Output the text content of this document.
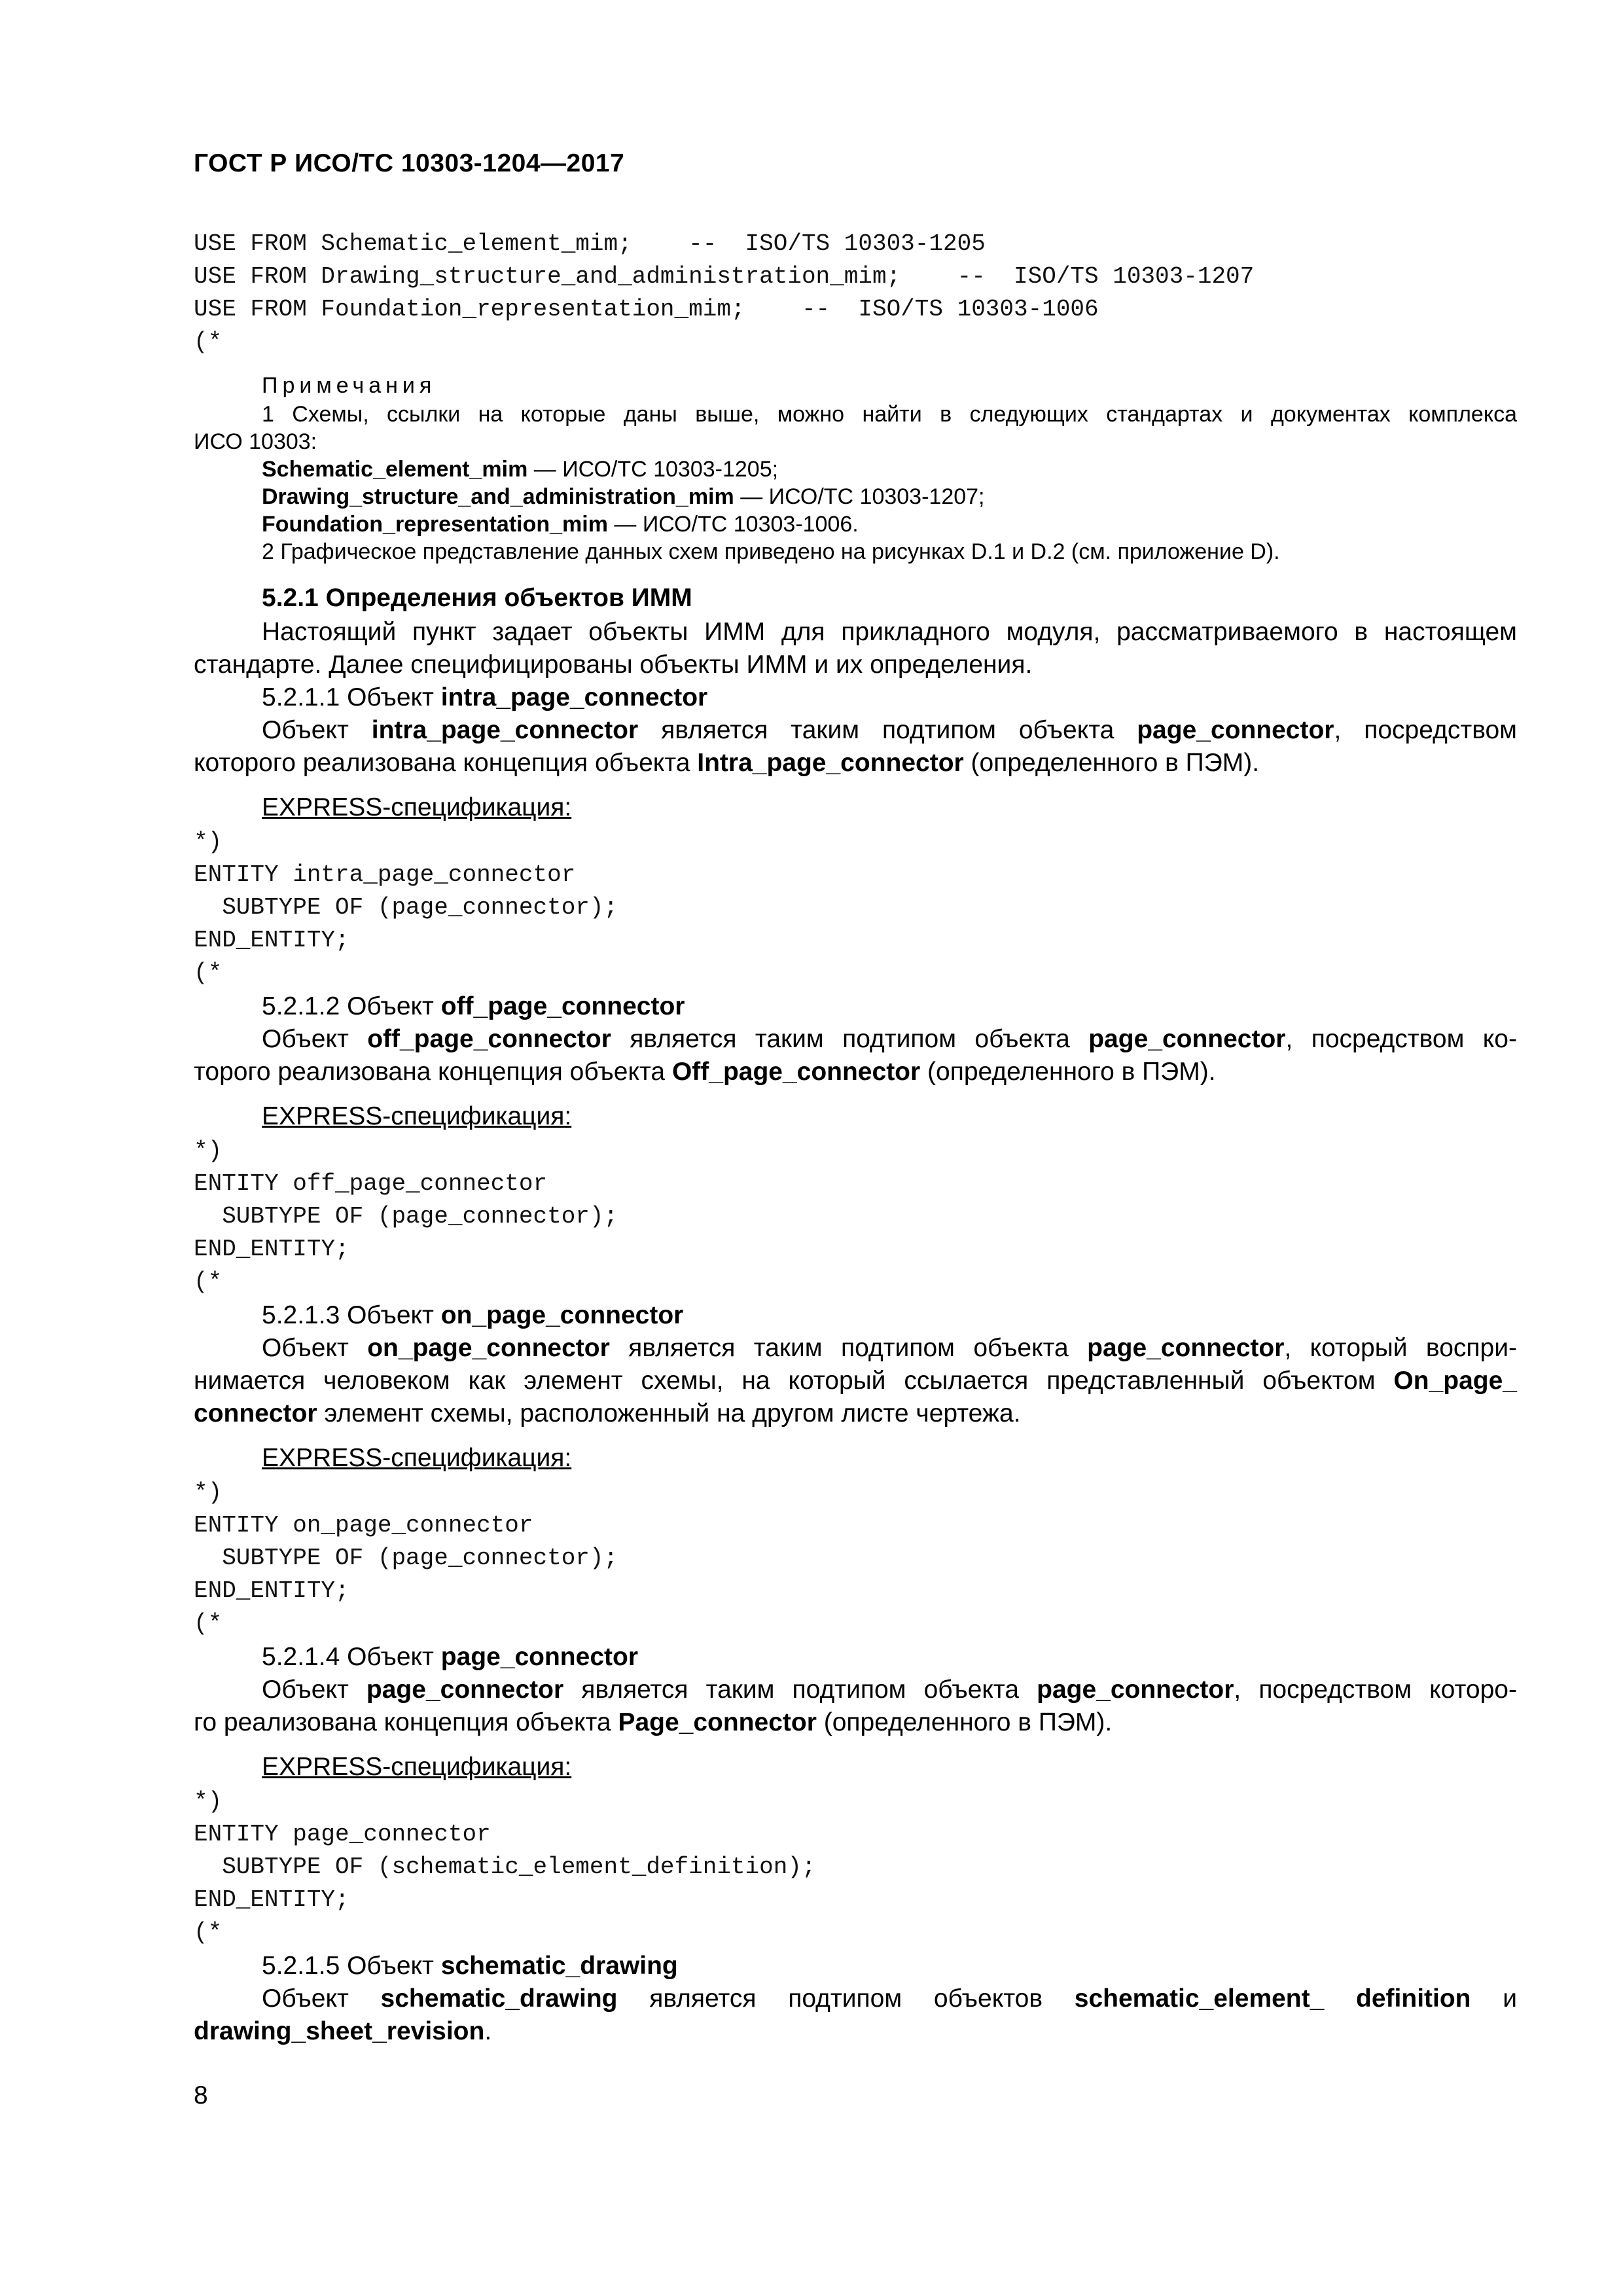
ГОСТ Р ИСО/ТС 10303-1204—2017
USE FROM Schematic_element_mim;    --  ISO/TS 10303-1205
USE FROM Drawing_structure_and_administration_mim;    --  ISO/TS 10303-1207
USE FROM Foundation_representation_mim;    --  ISO/TS 10303-1006
(*
Примечания
1 Схемы, ссылки на которые даны выше, можно найти в следующих стандартах и документах комплекса
ИСО 10303:
Schematic_element_mim — ИСО/ТС 10303-1205;
Drawing_structure_and_administration_mim — ИСО/ТС 10303-1207;
Foundation_representation_mim — ИСО/ТС 10303-1006.
2 Графическое представление данных схем приведено на рисунках D.1 и D.2 (см. приложение D).
5.2.1 Определения объектов ИММ
Настоящий пункт задает объекты ИММ для прикладного модуля, рассматриваемого в настоящем
стандарте. Далее специфицированы объекты ИММ и их определения.
5.2.1.1 Объект intra_page_connector
Объект intra_page_connector является таким подтипом объекта page_connector, посредством
которого реализована концепция объекта Intra_page_connector (определенного в ПЭМ).
EXPRESS-спецификация:
*)
ENTITY intra_page_connector
SUBTYPE OF (page_connector);
END_ENTITY;
(*
5.2.1.2 Объект off_page_connector
Объект off_page_connector является таким подтипом объекта page_connector, посредством ко-
торого реализована концепция объекта Off_page_connector (определенного в ПЭМ).
EXPRESS-спецификация:
*)
ENTITY off_page_connector
SUBTYPE OF (page_connector);
END_ENTITY;
(*
5.2.1.3 Объект on_page_connector
Объект on_page_connector является таким подтипом объекта page_connector, который воспри-
нимается человеком как элемент схемы, на который ссылается представленный объектом On_page_
connector элемент схемы, расположенный на другом листе чертежа.
EXPRESS-спецификация:
*)
ENTITY on_page_connector
SUBTYPE OF (page_connector);
END_ENTITY;
(*
5.2.1.4 Объект page_connector
Объект page_connector является таким подтипом объекта page_connector, посредством которо-
го реализована концепция объекта Page_connector (определенного в ПЭМ).
EXPRESS-спецификация:
*)
ENTITY page_connector
SUBTYPE OF (schematic_element_definition);
END_ENTITY;
(*
5.2.1.5 Объект schematic_drawing
Объект schematic_drawing является подтипом объектов schematic_element_ definition и
drawing_sheet_revision.
8
